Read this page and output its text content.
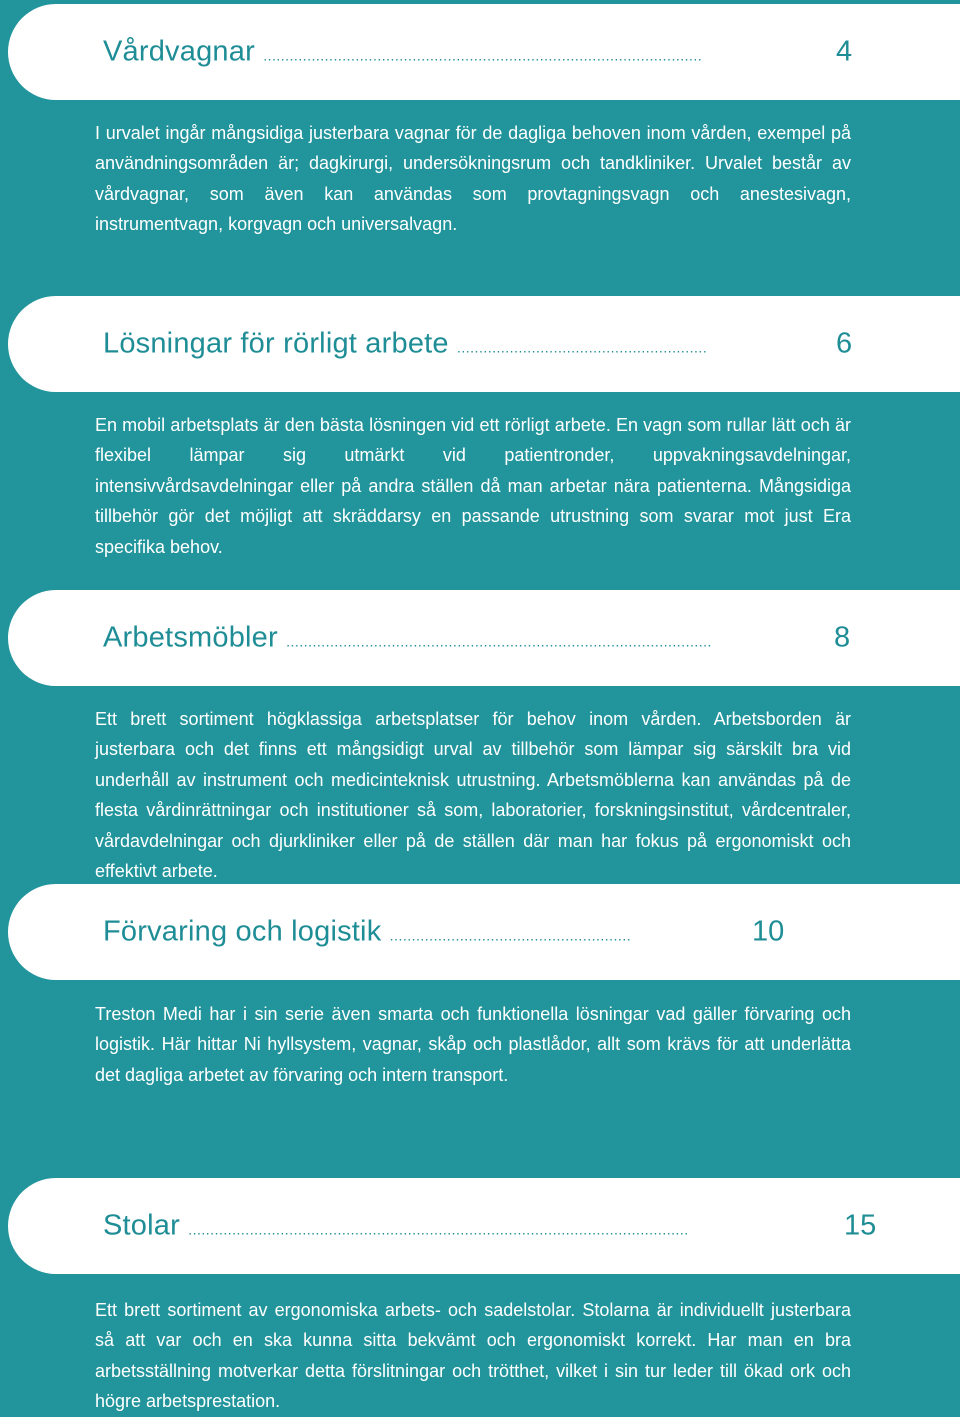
Vårdvagnar ....................................................................................................	4

I urvalet ingår mångsidiga justerbara vagnar för de dagliga behoven inom vården, exempel på användningsområden är; dagkirurgi, undersökningsrum och tandkliniker. Urvalet består av vårdvagnar, som även kan användas som provtagningsvagn och anestesivagn, instrumentvagn, korgvagn och universalvagn.

Lösningar för rörligt arbete .........................................................	6

En mobil arbetsplats är den bästa lösningen vid ett rörligt arbete. En vagn som rullar lätt och är flexibel lämpar sig utmärkt vid patientronder, uppvakningsavdelningar, intensivvårdsavdelningar eller på andra ställen då man arbetar nära patienterna. Mångsidiga tillbehör gör det möjligt att skräddarsy en passande utrustning som svarar mot just Era specifika behov.

Arbetsmöbler .................................................................................................	8

Ett brett sortiment högklassiga arbetsplatser för behov inom vården. Arbetsborden är justerbara och det finns ett mångsidigt urval av tillbehör som lämpar sig särskilt bra vid underhåll av instrument och medicinteknisk utrustning. Arbetsmöblerna kan användas på de flesta vårdinrättningar och institutioner så som, laboratorier, forskningsinstitut, vårdcentraler, vårdavdelningar och djurkliniker eller på de ställen där man har fokus på ergonomiskt och effektivt arbete.

Förvaring och logistik .......................................................	10

Treston Medi har i sin serie även smarta och funktionella lösningar vad gäller förvaring och logistik. Här hittar Ni hyllsystem, vagnar, skåp och plastlådor, allt som krävs för att underlätta det dagliga arbetet av förvaring och intern transport.

Stolar ..................................................................................................................	15

Ett brett sortiment av ergonomiska arbets- och sadelstolar. Stolarna är individuellt justerbara så att var och en ska kunna sitta bekvämt och ergonomiskt korrekt. Har man en bra arbetsställning motverkar detta förslitningar och trötthet, vilket i sin tur leder till ökad ork och högre arbetsprestation.
